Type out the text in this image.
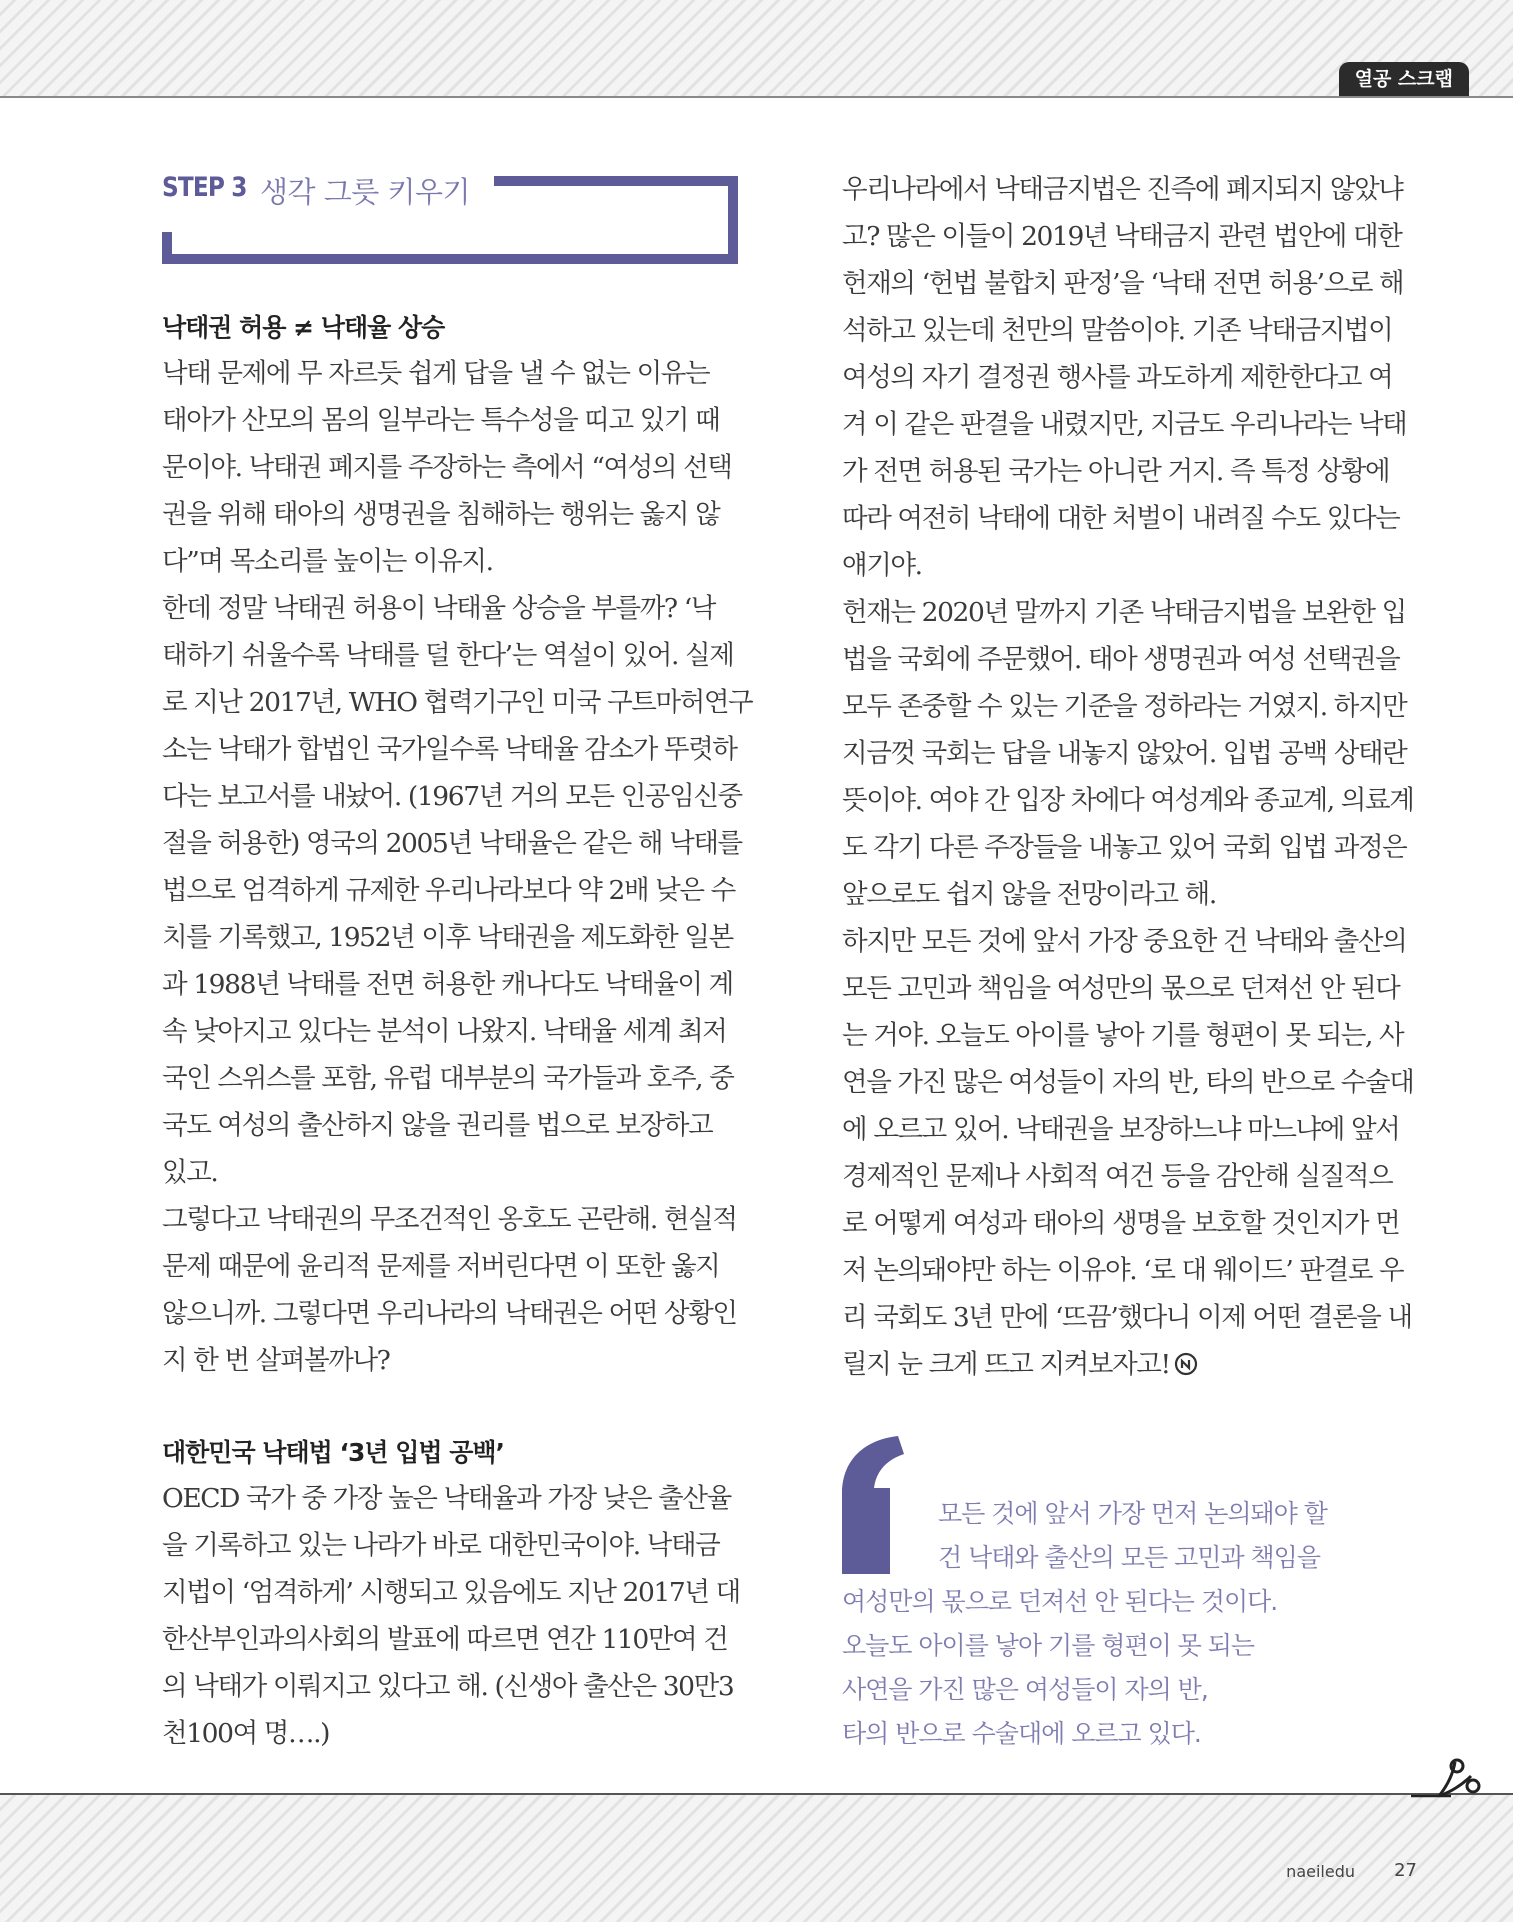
열공 스크랩
STEP 3 생각 그릇 키우기
낙태권 허용 ≠ 낙태율 상승
낙태 문제에 무 자르듯 쉽게 답을 낼 수 없는 이유는
태아가 산모의 몸의 일부라는 특수성을 띠고 있기 때
문이야. 낙태권 폐지를 주장하는 측에서 “여성의 선택
권을 위해 태아의 생명권을 침해하는 행위는 옳지 않
다”며 목소리를 높이는 이유지.
한데 정말 낙태권 허용이 낙태율 상승을 부를까? ‘낙
태하기 쉬울수록 낙태를 덜 한다’는 역설이 있어. 실제
로 지난 2017년, WHO 협력기구인 미국 구트마허연구
소는 낙태가 합법인 국가일수록 낙태율 감소가 뚜렷하
다는 보고서를 내놨어. (1967년 거의 모든 인공임신중
절을 허용한) 영국의 2005년 낙태율은 같은 해 낙태를
법으로 엄격하게 규제한 우리나라보다 약 2배 낮은 수
치를 기록했고, 1952년 이후 낙태권을 제도화한 일본
과 1988년 낙태를 전면 허용한 캐나다도 낙태율이 계
속 낮아지고 있다는 분석이 나왔지. 낙태율 세계 최저
국인 스위스를 포함, 유럽 대부분의 국가들과 호주, 중
국도 여성의 출산하지 않을 권리를 법으로 보장하고
있고.
그렇다고 낙태권의 무조건적인 옹호도 곤란해. 현실적
문제 때문에 윤리적 문제를 저버린다면 이 또한 옳지
않으니까. 그렇다면 우리나라의 낙태권은 어떤 상황인
지 한 번 살펴볼까나?
대한민국 낙태법 ‘3년 입법 공백’
OECD 국가 중 가장 높은 낙태율과 가장 낮은 출산율
을 기록하고 있는 나라가 바로 대한민국이야. 낙태금
지법이 ‘엄격하게’ 시행되고 있음에도 지난 2017년 대
한산부인과의사회의 발표에 따르면 연간 110만여 건
의 낙태가 이뤄지고 있다고 해. (신생아 출산은 30만3
천100여 명….)
우리나라에서 낙태금지법은 진즉에 폐지되지 않았냐
고? 많은 이들이 2019년 낙태금지 관련 법안에 대한
헌재의 ‘헌법 불합치 판정’을 ‘낙태 전면 허용’으로 해
석하고 있는데 천만의 말씀이야. 기존 낙태금지법이
여성의 자기 결정권 행사를 과도하게 제한한다고 여
겨 이 같은 판결을 내렸지만, 지금도 우리나라는 낙태
가 전면 허용된 국가는 아니란 거지. 즉 특정 상황에
따라 여전히 낙태에 대한 처벌이 내려질 수도 있다는
얘기야.
헌재는 2020년 말까지 기존 낙태금지법을 보완한 입
법을 국회에 주문했어. 태아 생명권과 여성 선택권을
모두 존중할 수 있는 기준을 정하라는 거였지. 하지만
지금껏 국회는 답을 내놓지 않았어. 입법 공백 상태란
뜻이야. 여야 간 입장 차에다 여성계와 종교계, 의료계
도 각기 다른 주장들을 내놓고 있어 국회 입법 과정은
앞으로도 쉽지 않을 전망이라고 해.
하지만 모든 것에 앞서 가장 중요한 건 낙태와 출산의
모든 고민과 책임을 여성만의 몫으로 던져선 안 된다
는 거야. 오늘도 아이를 낳아 기를 형편이 못 되는, 사
연을 가진 많은 여성들이 자의 반, 타의 반으로 수술대
에 오르고 있어. 낙태권을 보장하느냐 마느냐에 앞서
경제적인 문제나 사회적 여건 등을 감안해 실질적으
로 어떻게 여성과 태아의 생명을 보호할 것인지가 먼
저 논의돼야만 하는 이유야. ‘로 대 웨이드’ 판결로 우
리 국회도 3년 만에 ‘뜨끔’했다니 이제 어떤 결론을 내
릴지 눈 크게 뜨고 지켜보자고!
모든 것에 앞서 가장 먼저 논의돼야 할
건 낙태와 출산의 모든 고민과 책임을
여성만의 몫으로 던져선 안 된다는 것이다.
오늘도 아이를 낳아 기를 형편이 못 되는
사연을 가진 많은 여성들이 자의 반,
타의 반으로 수술대에 오르고 있다.
naeiledu 27
